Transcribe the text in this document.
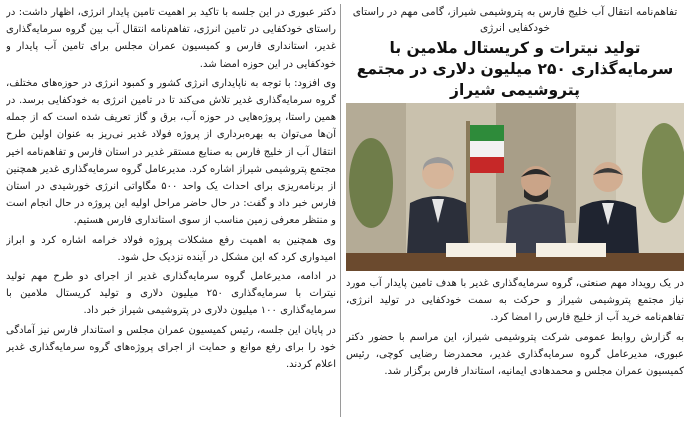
تفاهم‌نامه انتقال آب خلیج فارس به پتروشیمی شیراز، گامی مهم در راستای خودکفایی انرژی

تولید نیترات و کریستال ملامین با سرمایه‌گذاری ۲۵۰ میلیون دلاری در مجتمع پتروشیمی شیراز

در یک رویداد مهم صنعتی، گروه سرمایه‌گذاری غدیر با هدف تامین پایدار آب مورد نیاز مجتمع پتروشیمی شیراز و حرکت به سمت خودکفایی در تولید انرژی، تفاهم‌نامه خرید آب از خلیج فارس را امضا کرد.

به گزارش روابط عمومی شرکت پتروشیمی شیراز، این مراسم با حضور دکتر عبوری، مدیرعامل گروه سرمایه‌گذاری غدیر، محمدرضا رضایی کوچی، رئیس کمیسیون عمران مجلس و محمدهادی ایمانیه، استاندار فارس برگزار شد.

دکتر عبوری در این جلسه با تاکید بر اهمیت تامین پایدار انرژی، اظهار داشت: در راستای خودکفایی در تامین انرژی، تفاهم‌نامه انتقال آب بین گروه سرمایه‌گذاری غدیر، استانداری فارس و کمیسیون عمران مجلس برای تامین آب پایدار و خودکفایی در این حوزه امضا شد.

وی افزود: با توجه به ناپایداری انرژی کشور و کمبود انرژی در حوزه‌های مختلف، گروه سرمایه‌گذاری غدیر تلاش می‌کند تا در تامین انرژی به خودکفایی برسد. در همین راستا، پروژه‌هایی در حوزه آب، برق و گاز تعریف شده است که از جمله آن‌ها می‌توان به بهره‌برداری از پروژه فولاد غدیر نی‌ریز به عنوان اولین طرح انتقال آب از خلیج فارس به صنایع مستقر غدیر در استان فارس و تفاهم‌نامه اخیر مجتمع پتروشیمی شیراز اشاره کرد. مدیرعامل گروه سرمایه‌گذاری غدیر همچنین از برنامه‌ریزی برای احداث یک واحد ۵۰۰ مگاواتی انرژی خورشیدی در استان فارس خبر داد و گفت: در حال حاضر مراحل اولیه این پروژه در حال انجام است و منتظر معرفی زمین مناسب از سوی استانداری فارس هستیم.

وی همچنین به اهمیت رفع مشکلات پروژه فولاد خرامه اشاره کرد و ابراز امیدواری کرد که این مشکل در آینده نزدیک حل شود.

در ادامه، مدیرعامل گروه سرمایه‌گذاری غدیر از اجرای دو طرح مهم تولید نیترات با سرمایه‌گذاری ۲۵۰ میلیون دلاری و تولید کریستال ملامین با سرمایه‌گذاری ۱۰۰ میلیون دلاری در پتروشیمی شیراز خبر داد.

در پایان این جلسه، رئیس کمیسیون عمران مجلس و استاندار فارس نیز آمادگی خود را برای رفع موانع و حمایت از اجرای پروژه‌های گروه سرمایه‌گذاری غدیر اعلام کردند.
